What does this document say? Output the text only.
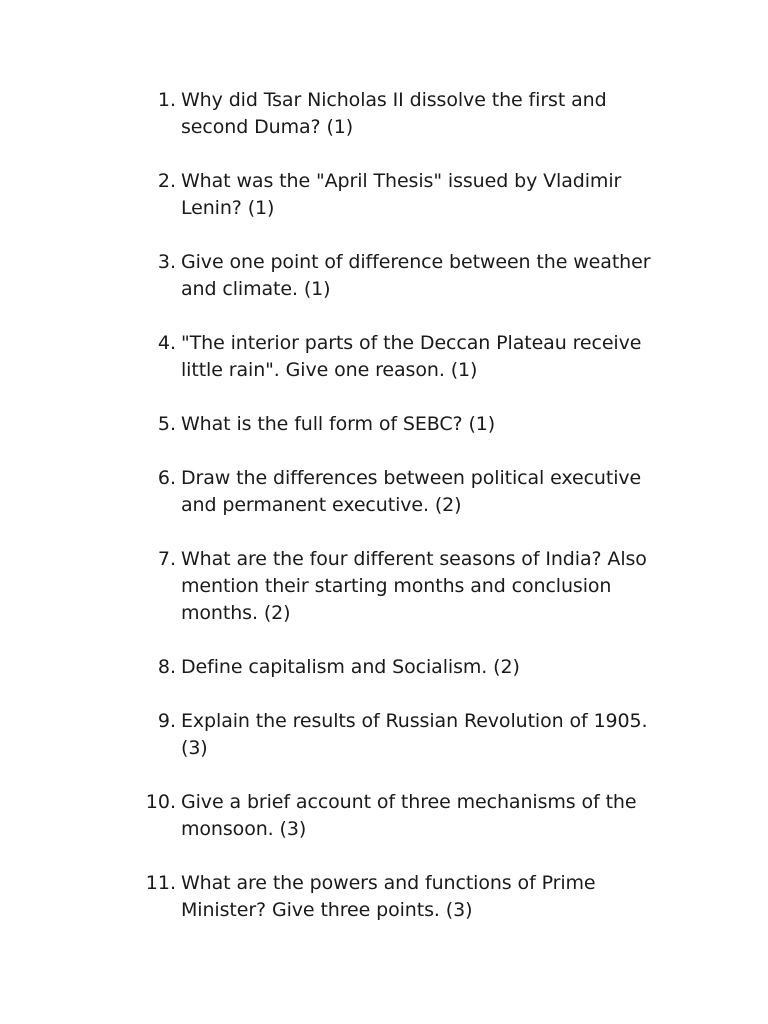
1. Why did Tsar Nicholas II dissolve the first and second Duma? (1)
2. What was the "April Thesis" issued by Vladimir Lenin? (1)
3. Give one point of difference between the weather and climate. (1)
4. "The interior parts of the Deccan Plateau receive little rain". Give one reason. (1)
5. What is the full form of SEBC? (1)
6. Draw the differences between political executive and permanent executive. (2)
7. What are the four different seasons of India? Also mention their starting months and conclusion months. (2)
8. Define capitalism and Socialism. (2)
9. Explain the results of Russian Revolution of 1905. (3)
10. Give a brief account of three mechanisms of the monsoon. (3)
11. What are the powers and functions of Prime Minister? Give three points. (3)
